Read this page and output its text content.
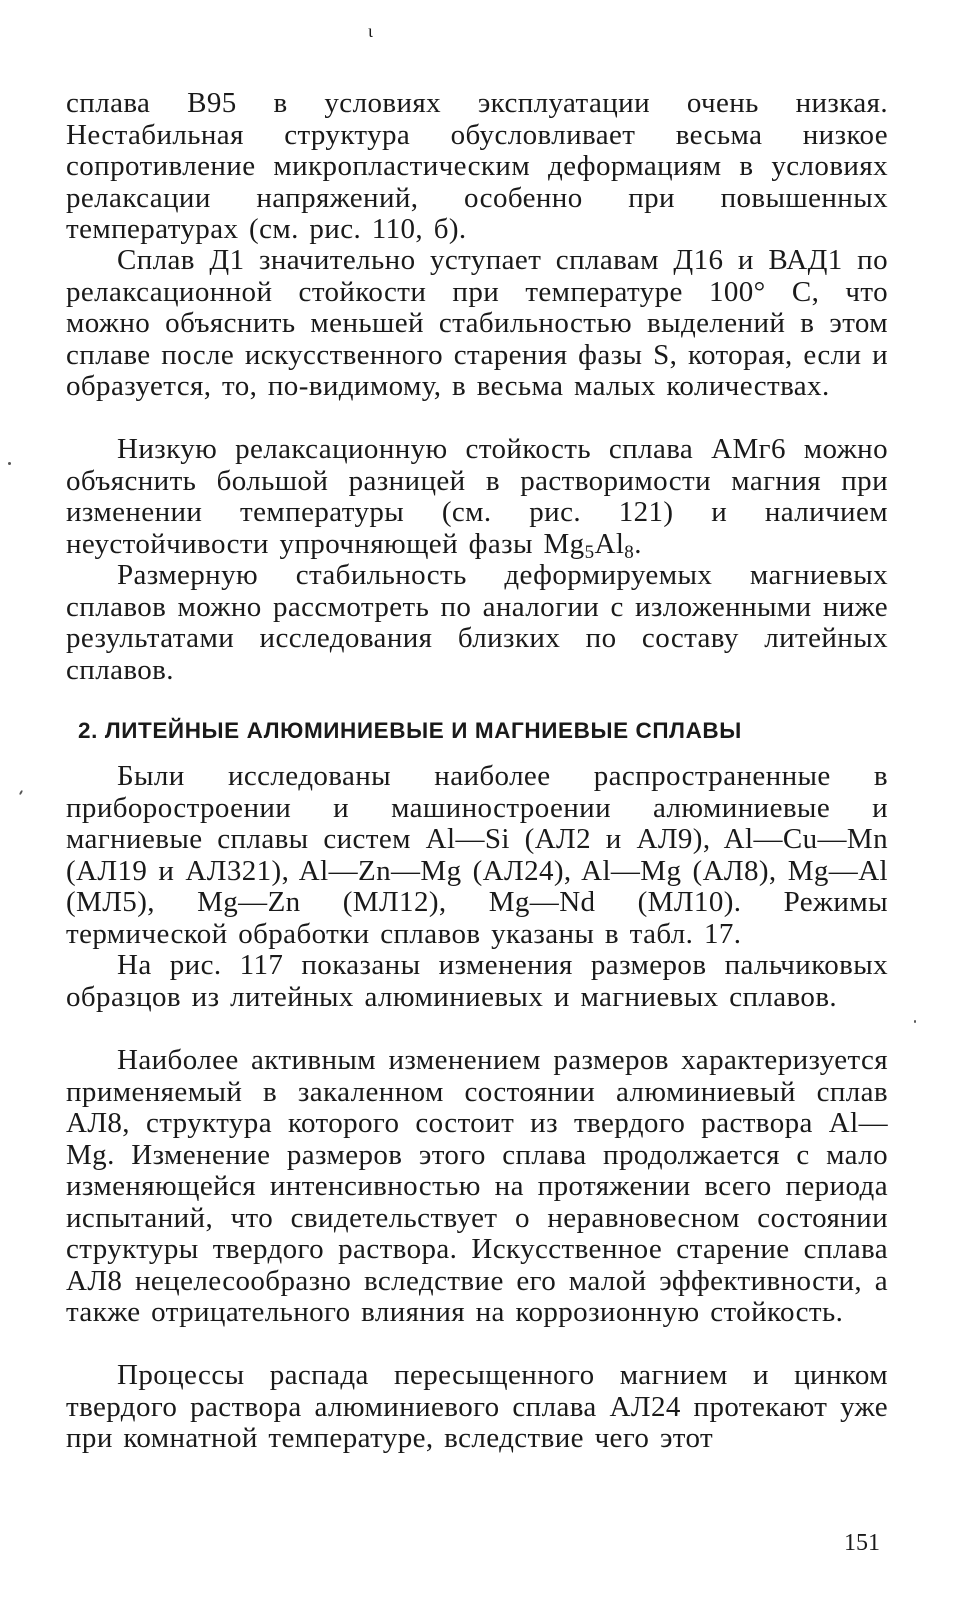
ι

сплава В95 в условиях эксплуатации очень низкая. Нестабильная структура обусловливает весьма низкое сопротивление микропластическим деформациям в условиях релаксации напряжений, особенно при повышенных температурах (см. рис. 110, б).

Сплав Д1 значительно уступает сплавам Д16 и ВАД1 по релаксационной стойкости при температуре 100° С, что можно объяснить меньшей стабильностью выделений в этом сплаве после искусственного старения фазы S, которая, если и образуется, то, по-видимому, в весьма малых количествах.

Низкую релаксационную стойкость сплава АМг6 можно объяснить большой разницей в растворимости магния при изменении температуры (см. рис. 121) и наличием неустойчивости упрочняющей фазы $Mg_5Al_8$.

Размерную стабильность деформируемых магниевых сплавов можно рассмотреть по аналогии с изложенными ниже результатами исследования близких по составу литейных сплавов.

2. ЛИТЕЙНЫЕ АЛЮМИНИЕВЫЕ И МАГНИЕВЫЕ СПЛАВЫ

Были исследованы наиболее распространенные в приборостроении и машиностроении алюминиевые и магниевые сплавы систем Al—Si (АЛ2 и АЛ9), Al—Cu—Mn (АЛ19 и АЛ321), Al—Zn—Mg (АЛ24), Al—Mg (АЛ8), Mg—Al (МЛ5), Mg—Zn (МЛ12), Mg—Nd (МЛ10). Режимы термической обработки сплавов указаны в табл. 17.

На рис. 117 показаны изменения размеров пальчиковых образцов из литейных алюминиевых и магниевых сплавов.

Наиболее активным изменением размеров характеризуется применяемый в закаленном состоянии алюминиевый сплав АЛ8, структура которого состоит из твердого раствора Al—Mg. Изменение размеров этого сплава продолжается с мало изменяющейся интенсивностью на протяжении всего периода испытаний, что свидетельствует о неравновесном состоянии структуры твердого раствора. Искусственное старение сплава АЛ8 нецелесообразно вследствие его малой эффективности, а также отрицательного влияния на коррозионную стойкость.

Процессы распада пересыщенного магнием и цинком твердого раствора алюминиевого сплава АЛ24 протекают уже при комнатной температуре, вследствие чего этот

151
